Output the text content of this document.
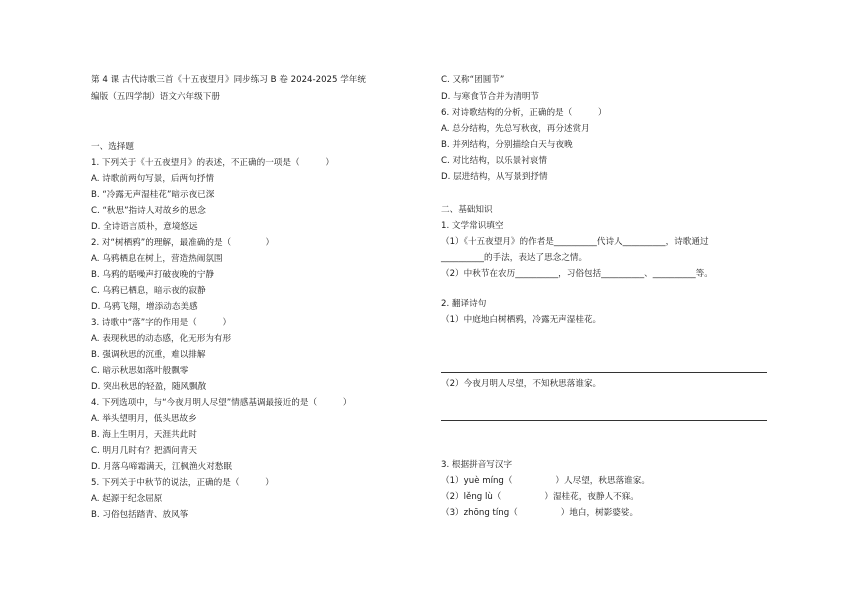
第 4 课 古代诗歌三首《十五夜望月》同步练习 B 卷 2024-2025 学年统
编版（五四学制）语文六年级下册
一、选择题
1. 下列关于《十五夜望月》的表述，不正确的一项是（　　　）
A. 诗歌前两句写景，后两句抒情
B. “冷露无声湿桂花”暗示夜已深
C. “秋思”指诗人对故乡的思念
D. 全诗语言质朴，意境悠远
2. 对“树栖鸦”的理解，最准确的是（　　　　）
A. 乌鸦栖息在树上，营造热闹氛围
B. 乌鸦的聒噪声打破夜晚的宁静
C. 乌鸦已栖息，暗示夜的寂静
D. 乌鸦飞翔，增添动态美感
3. 诗歌中“落”字的作用是（　　　）
A. 表现秋思的动态感，化无形为有形
B. 强调秋思的沉重，难以排解
C. 暗示秋思如落叶般飘零
D. 突出秋思的轻盈，随风飘散
4. 下列选项中，与“今夜月明人尽望”情感基调最接近的是（　　　）
A. 举头望明月，低头思故乡
B. 海上生明月，天涯共此时
C. 明月几时有？把酒问青天
D. 月落乌啼霜满天，江枫渔火对愁眠
5. 下列关于中秋节的说法，正确的是（　　　）
A. 起源于纪念屈原
B. 习俗包括踏青、放风筝
C. 又称“团圆节”
D. 与寒食节合并为清明节
6. 对诗歌结构的分析，正确的是（　　　）
A. 总分结构，先总写秋夜，再分述赏月
B. 并列结构，分别描绘白天与夜晚
C. 对比结构，以乐景衬哀情
D. 层进结构，从写景到抒情
二、基础知识
1. 文学常识填空
（1）《十五夜望月》的作者是__________代诗人__________，诗歌通过
__________的手法，表达了思念之情。
（2）中秋节在农历__________，习俗包括__________、__________等。
2. 翻译诗句
（1）中庭地白树栖鸦，冷露无声湿桂花。
（2）今夜月明人尽望，不知秋思落谁家。
3. 根据拼音写汉字
（1）yuè míng（　　　　　）人尽望，秋思落谁家。
（2）lěng lù（　　　　　）湿桂花，夜静人不寐。
（3）zhōng tíng（　　　　　）地白，树影婆娑。
